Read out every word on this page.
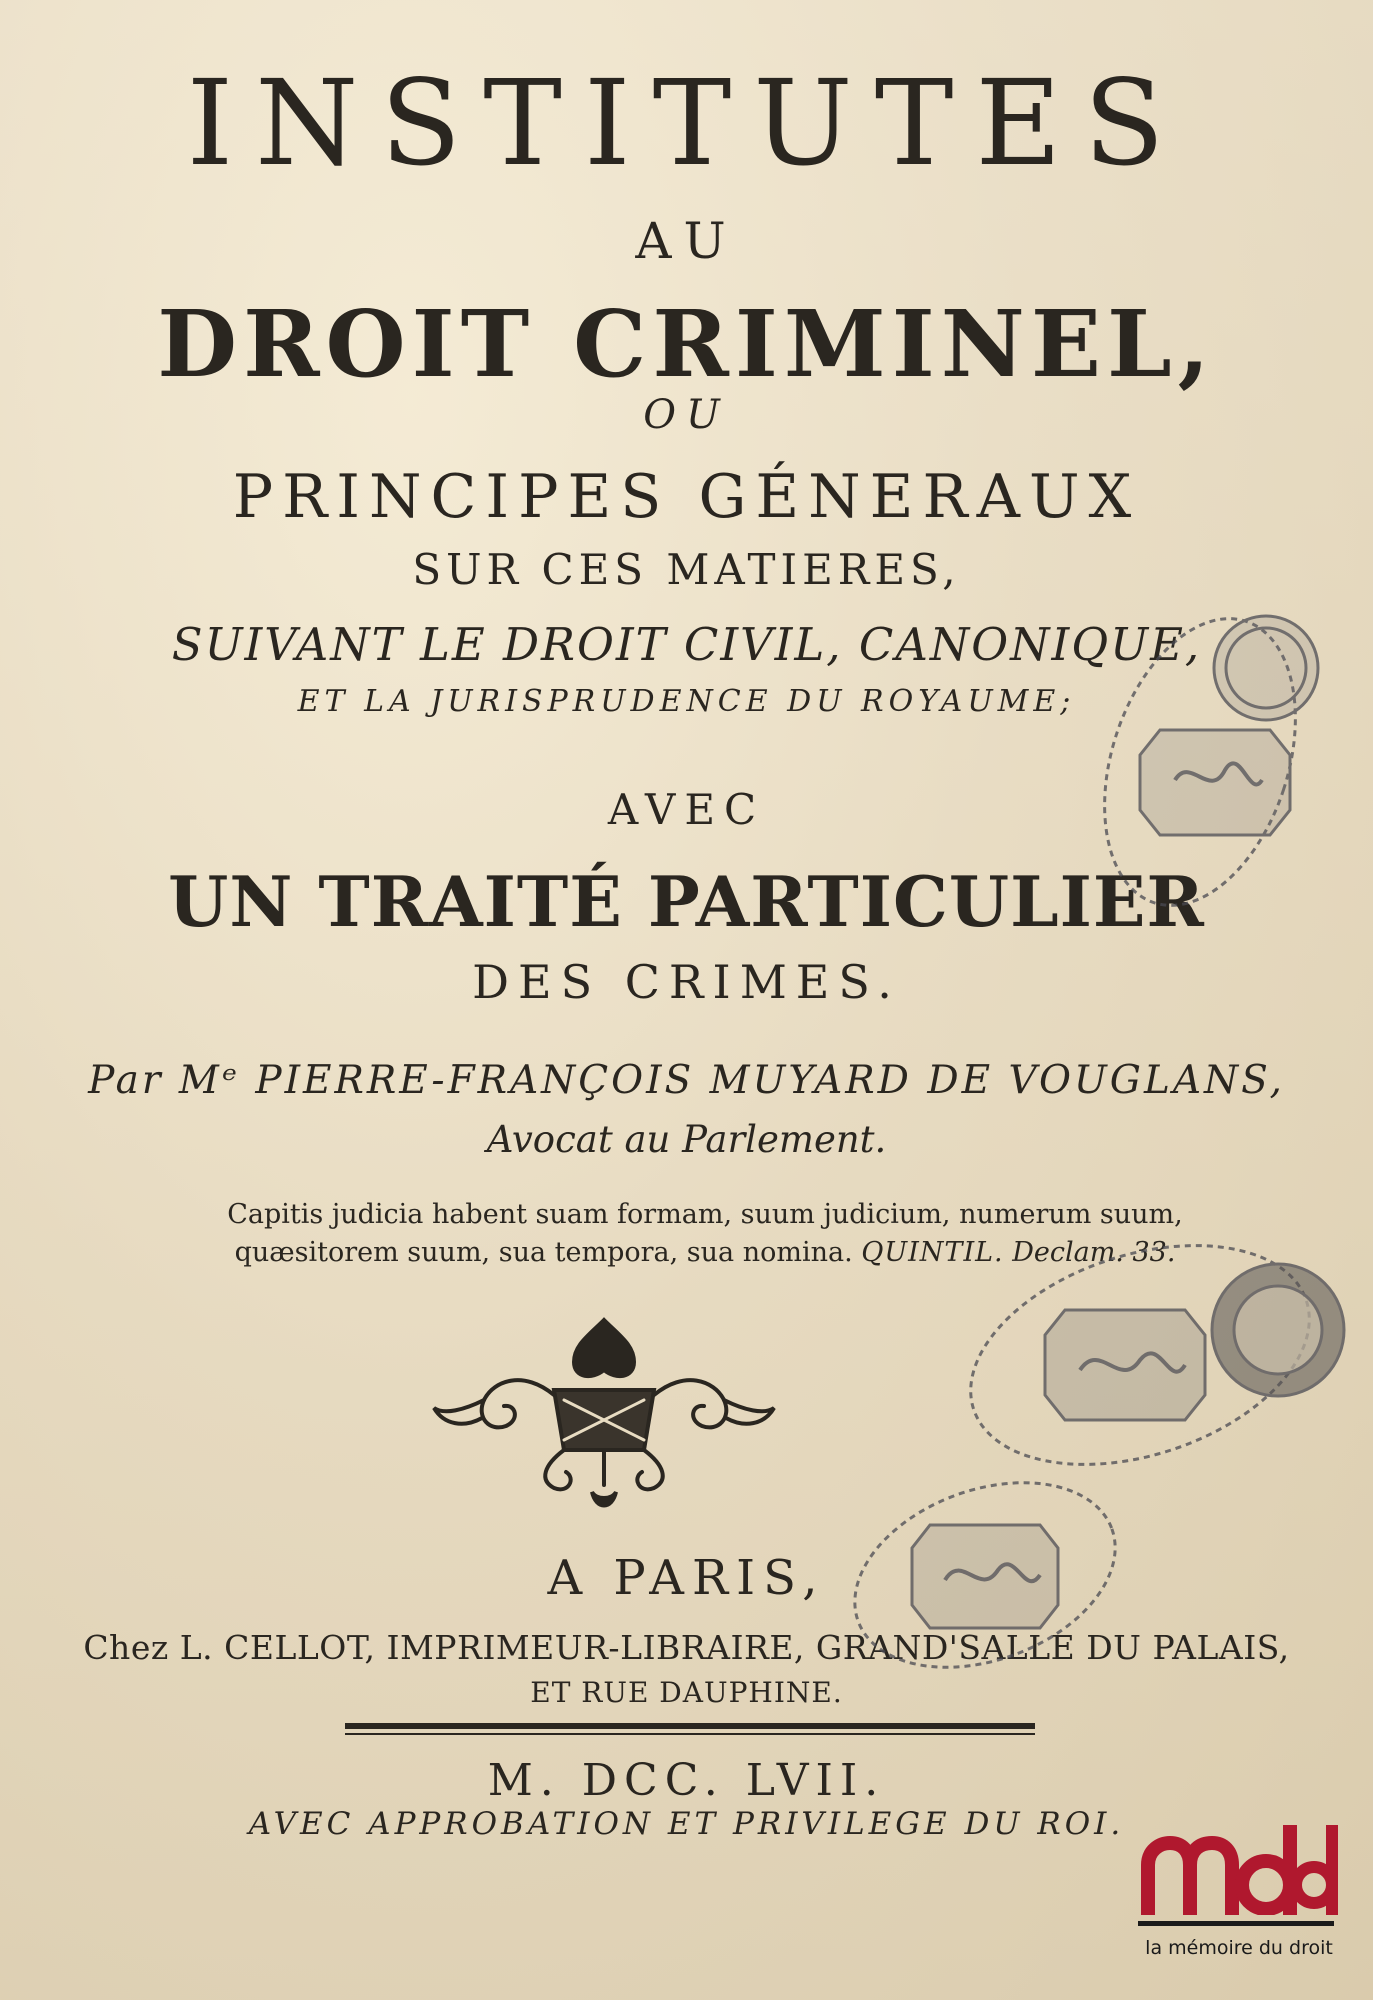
INSTITUTES
AU
DROIT CRIMINEL,
OU
PRINCIPES GÉNERAUX
SUR CES MATIERES,
SUIVANT LE DROIT CIVIL, CANONIQUE,
ET LA JURISPRUDENCE DU ROYAUME;
AVEC
UN TRAITÉ PARTICULIER
DES CRIMES.
Par Mᵉ PIERRE-FRANÇOIS MUYARD DE VOUGLANS,
Avocat au Parlement.
Capitis judicia habent suam formam, suum judicium, numerum suum,
quæsitorem suum, sua tempora, sua nomina. QUINTIL. Declam. 33.
A PARIS,
Chez L. CELLOT, IMPRIMEUR-LIBRAIRE, GRAND'SALLE DU PALAIS,
ET RUE DAUPHINE.
M. DCC. LVII.
AVEC APPROBATION ET PRIVILEGE DU ROI.
la mémoire du droit
